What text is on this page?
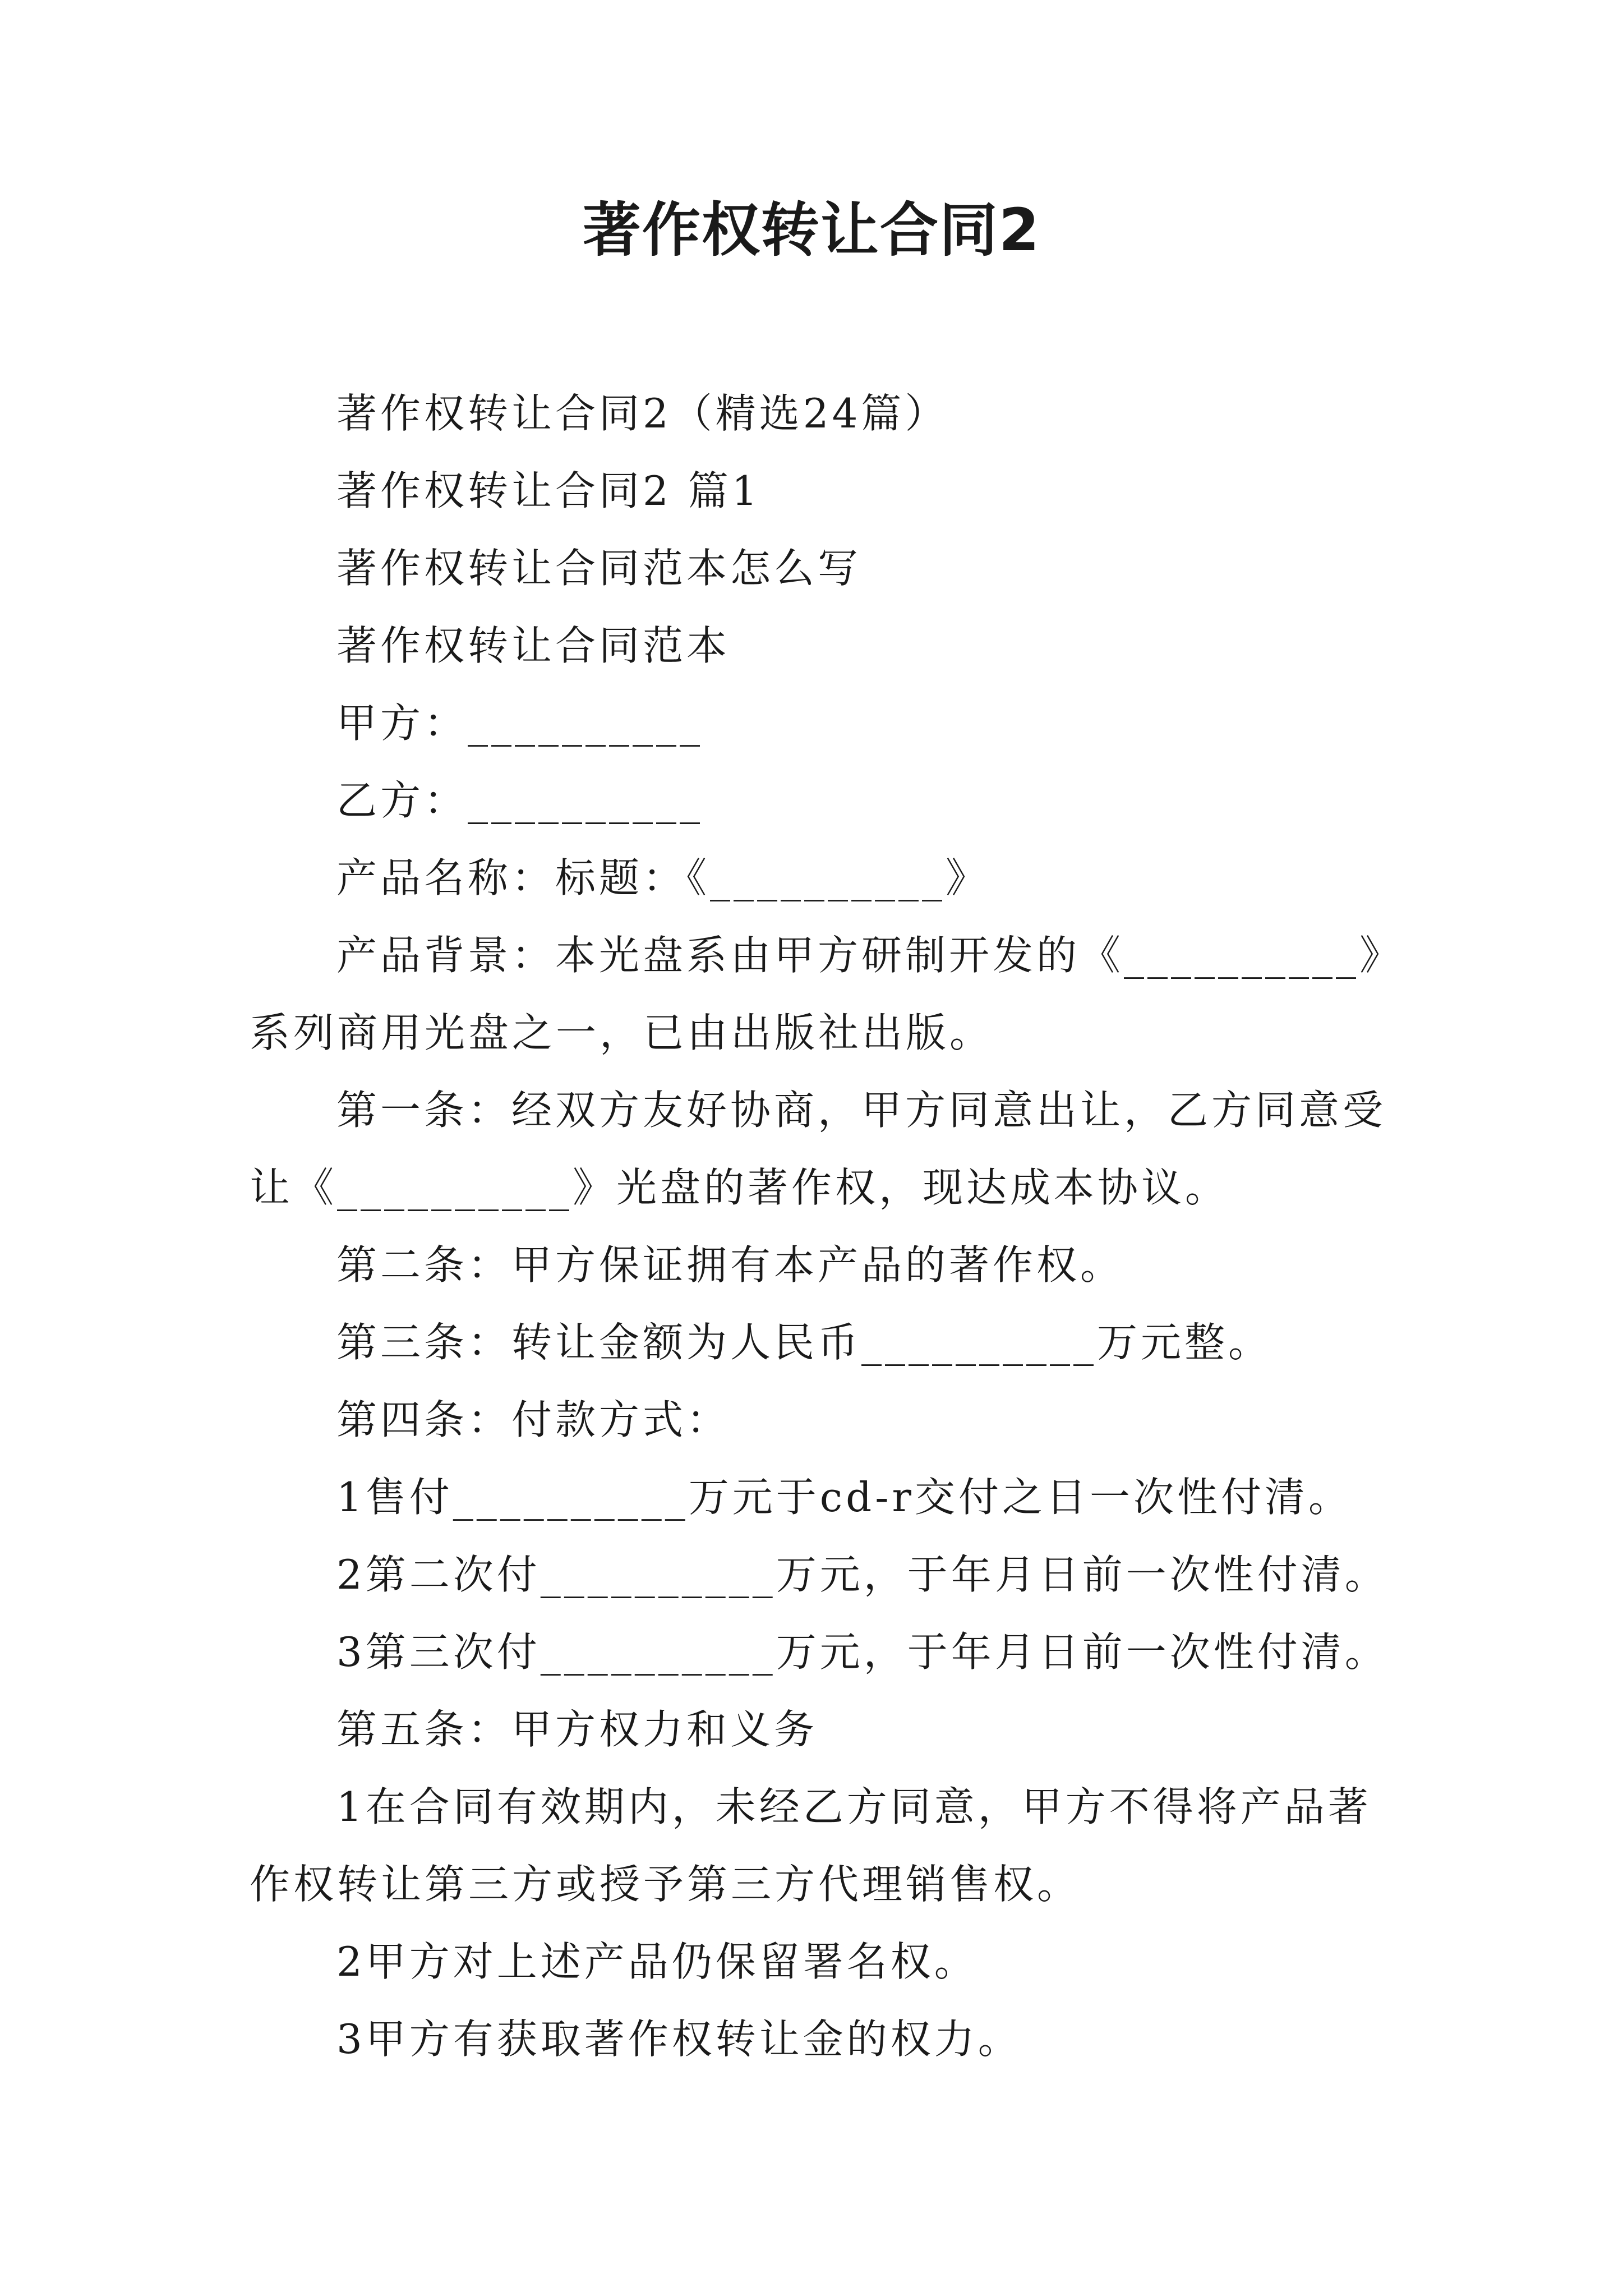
著作权转让合同2

著作权转让合同2（精选24篇）

著作权转让合同2 篇1

著作权转让合同范本怎么写

著作权转让合同范本

甲方：__________

乙方：__________

产品名称：标题：《__________》

产品背景：本光盘系由甲方研制开发的《__________》系列商用光盘之一，已由出版社出版。

第一条：经双方友好协商，甲方同意出让，乙方同意受让《__________》光盘的著作权，现达成本协议。

第二条：甲方保证拥有本产品的著作权。

第三条：转让金额为人民币__________万元整。

第四条：付款方式：

1售付__________万元于cd-r交付之日一次性付清。

2第二次付__________万元，于年月日前一次性付清。

3第三次付__________万元，于年月日前一次性付清。

第五条：甲方权力和义务

1在合同有效期内，未经乙方同意，甲方不得将产品著作权转让第三方或授予第三方代理销售权。

2甲方对上述产品仍保留署名权。

3甲方有获取著作权转让金的权力。
